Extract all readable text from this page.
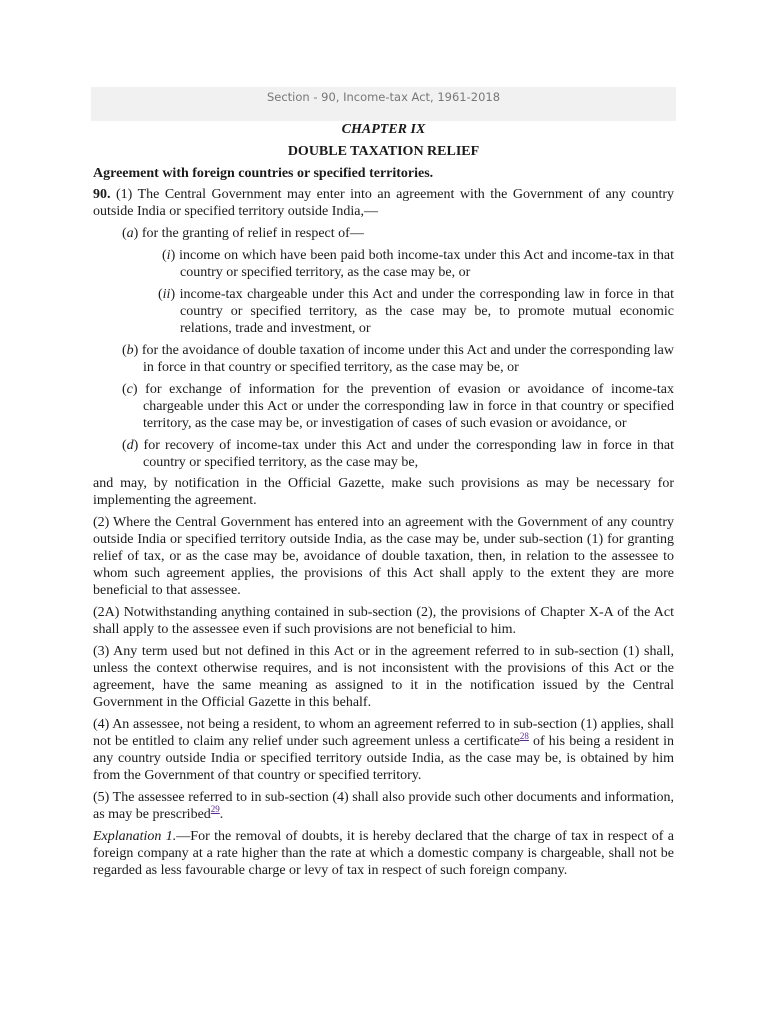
Section - 90, Income-tax Act, 1961-2018

CHAPTER IX

DOUBLE TAXATION RELIEF

Agreement with foreign countries or specified territories.

90. (1) The Central Government may enter into an agreement with the Government of any country outside India or specified territory outside India,—

(a) for the granting of relief in respect of—

(i) income on which have been paid both income-tax under this Act and income-tax in that country or specified territory, as the case may be, or

(ii) income-tax chargeable under this Act and under the corresponding law in force in that country or specified territory, as the case may be, to promote mutual economic relations, trade and investment, or

(b) for the avoidance of double taxation of income under this Act and under the corresponding law in force in that country or specified territory, as the case may be, or

(c) for exchange of information for the prevention of evasion or avoidance of income-tax chargeable under this Act or under the corresponding law in force in that country or specified territory, as the case may be, or investigation of cases of such evasion or avoidance, or

(d) for recovery of income-tax under this Act and under the corresponding law in force in that country or specified territory, as the case may be,

and may, by notification in the Official Gazette, make such provisions as may be necessary for implementing the agreement.

(2) Where the Central Government has entered into an agreement with the Government of any country outside India or specified territory outside India, as the case may be, under sub-section (1) for granting relief of tax, or as the case may be, avoidance of double taxation, then, in relation to the assessee to whom such agreement applies, the provisions of this Act shall apply to the extent they are more beneficial to that assessee.

(2A) Notwithstanding anything contained in sub-section (2), the provisions of Chapter X-A of the Act shall apply to the assessee even if such provisions are not beneficial to him.

(3) Any term used but not defined in this Act or in the agreement referred to in sub-section (1) shall, unless the context otherwise requires, and is not inconsistent with the provisions of this Act or the agreement, have the same meaning as assigned to it in the notification issued by the Central Government in the Official Gazette in this behalf.

(4) An assessee, not being a resident, to whom an agreement referred to in sub-section (1) applies, shall not be entitled to claim any relief under such agreement unless a certificate$^{28}$ of his being a resident in any country outside India or specified territory outside India, as the case may be, is obtained by him from the Government of that country or specified territory.

(5) The assessee referred to in sub-section (4) shall also provide such other documents and information, as may be prescribed$^{29}$.

Explanation 1.—For the removal of doubts, it is hereby declared that the charge of tax in respect of a foreign company at a rate higher than the rate at which a domestic company is chargeable, shall not be regarded as less favourable charge or levy of tax in respect of such foreign company.
